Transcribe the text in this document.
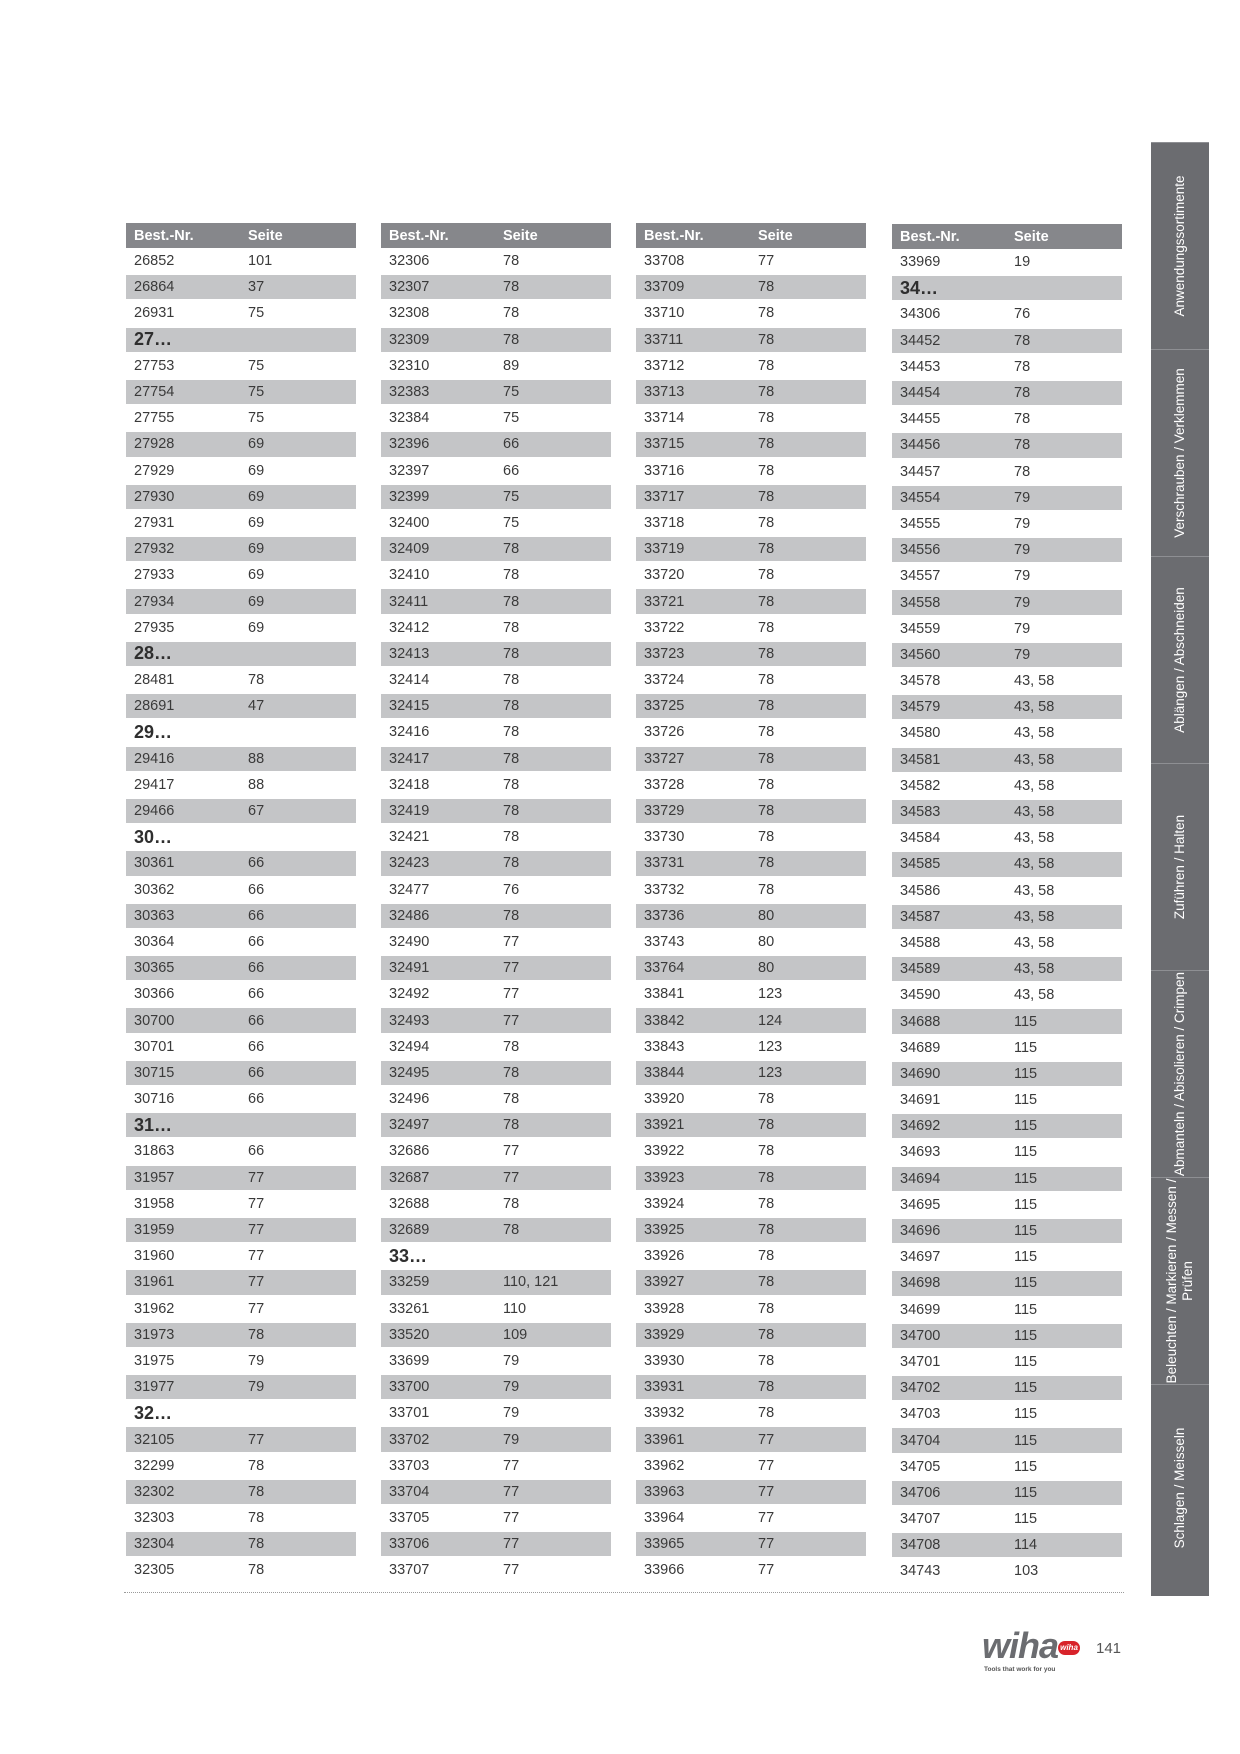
Best.-Nr.	Seite
26852	101
26864	37
26931	75
27…
27753	75
27754	75
27755	75
27928	69
27929	69
27930	69
27931	69
27932	69
27933	69
27934	69
27935	69
28…
28481	78
28691	47
29…
29416	88
29417	88
29466	67
30…
30361	66
30362	66
30363	66
30364	66
30365	66
30366	66
30700	66
30701	66
30715	66
30716	66
31…
31863	66
31957	77
31958	77
31959	77
31960	77
31961	77
31962	77
31973	78
31975	79
31977	79
32…
32105	77
32299	78
32302	78
32303	78
32304	78
32305	78
Best.-Nr.	Seite
32306	78
32307	78
32308	78
32309	78
32310	89
32383	75
32384	75
32396	66
32397	66
32399	75
32400	75
32409	78
32410	78
32411	78
32412	78
32413	78
32414	78
32415	78
32416	78
32417	78
32418	78
32419	78
32421	78
32423	78
32477	76
32486	78
32490	77
32491	77
32492	77
32493	77
32494	78
32495	78
32496	78
32497	78
32686	77
32687	77
32688	78
32689	78
33…
33259	110, 121
33261	110
33520	109
33699	79
33700	79
33701	79
33702	79
33703	77
33704	77
33705	77
33706	77
33707	77
Best.-Nr.	Seite
33708	77
33709	78
33710	78
33711	78
33712	78
33713	78
33714	78
33715	78
33716	78
33717	78
33718	78
33719	78
33720	78
33721	78
33722	78
33723	78
33724	78
33725	78
33726	78
33727	78
33728	78
33729	78
33730	78
33731	78
33732	78
33736	80
33743	80
33764	80
33841	123
33842	124
33843	123
33844	123
33920	78
33921	78
33922	78
33923	78
33924	78
33925	78
33926	78
33927	78
33928	78
33929	78
33930	78
33931	78
33932	78
33961	77
33962	77
33963	77
33964	77
33965	77
33966	77
Best.-Nr.	Seite
33969	19
34…
34306	76
34452	78
34453	78
34454	78
34455	78
34456	78
34457	78
34554	79
34555	79
34556	79
34557	79
34558	79
34559	79
34560	79
34578	43, 58
34579	43, 58
34580	43, 58
34581	43, 58
34582	43, 58
34583	43, 58
34584	43, 58
34585	43, 58
34586	43, 58
34587	43, 58
34588	43, 58
34589	43, 58
34590	43, 58
34688	115
34689	115
34690	115
34691	115
34692	115
34693	115
34694	115
34695	115
34696	115
34697	115
34698	115
34699	115
34700	115
34701	115
34702	115
34703	115
34704	115
34705	115
34706	115
34707	115
34708	114
34743	103
Anwendungssortimente
Verschrauben / Verklemmen
Ablängen / Abschneiden
Zuführen / Halten
Abmanteln / Abisolieren / Crimpen
Beleuchten / Markieren / Messen / Prüfen
Schlagen / Meisseln
wiha wiha
Tools that work for you
141
